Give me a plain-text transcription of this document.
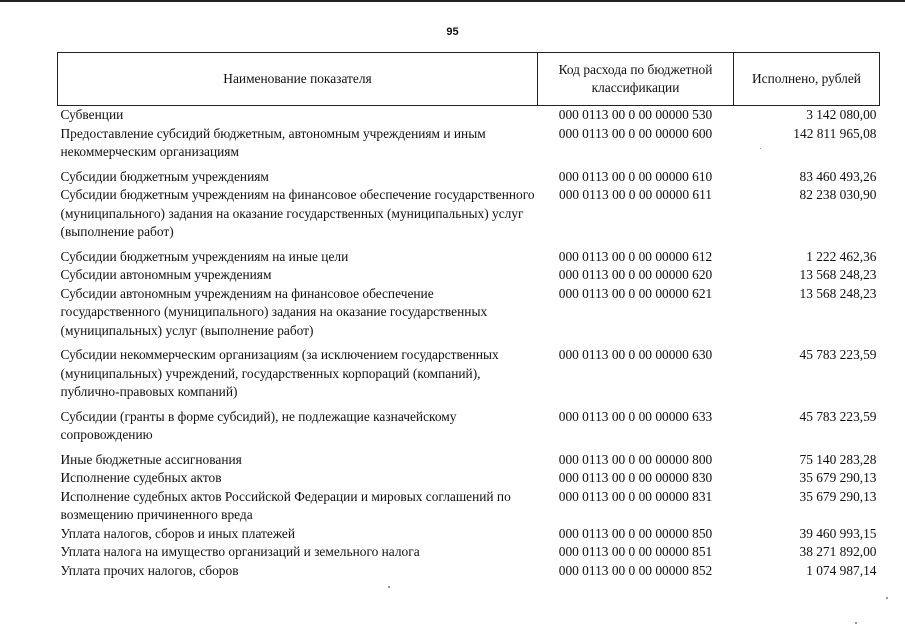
95
Наименование показателя	Код расхода по бюджетной классификации	Исполнено, рублей
Субвенции	000 0113 00 0 00 00000 530	3 142 080,00
Предоставление субсидий бюджетным, автономным учреждениям и иным некоммерческим организациям	000 0113 00 0 00 00000 600	142 811 965,08
Субсидии бюджетным учреждениям	000 0113 00 0 00 00000 610	83 460 493,26
Субсидии бюджетным учреждениям на финансовое обеспечение государственного (муниципального) задания на оказание государственных (муниципальных) услуг (выполнение работ)	000 0113 00 0 00 00000 611	82 238 030,90
Субсидии бюджетным учреждениям на иные цели	000 0113 00 0 00 00000 612	1 222 462,36
Субсидии автономным учреждениям	000 0113 00 0 00 00000 620	13 568 248,23
Субсидии автономным учреждениям на финансовое обеспечение государственного (муниципального) задания на оказание государственных (муниципальных) услуг (выполнение работ)	000 0113 00 0 00 00000 621	13 568 248,23
Субсидии некоммерческим организациям (за исключением государственных (муниципальных) учреждений, государственных корпораций (компаний), публично-правовых компаний)	000 0113 00 0 00 00000 630	45 783 223,59
Субсидии (гранты в форме субсидий), не подлежащие казначейскому сопровождению	000 0113 00 0 00 00000 633	45 783 223,59
Иные бюджетные ассигнования	000 0113 00 0 00 00000 800	75 140 283,28
Исполнение судебных актов	000 0113 00 0 00 00000 830	35 679 290,13
Исполнение судебных актов Российской Федерации и мировых соглашений по возмещению причиненного вреда	000 0113 00 0 00 00000 831	35 679 290,13
Уплата налогов, сборов и иных платежей	000 0113 00 0 00 00000 850	39 460 993,15
Уплата налога на имущество организаций и земельного налога	000 0113 00 0 00 00000 851	38 271 892,00
Уплата прочих налогов, сборов	000 0113 00 0 00 00000 852	1 074 987,14
